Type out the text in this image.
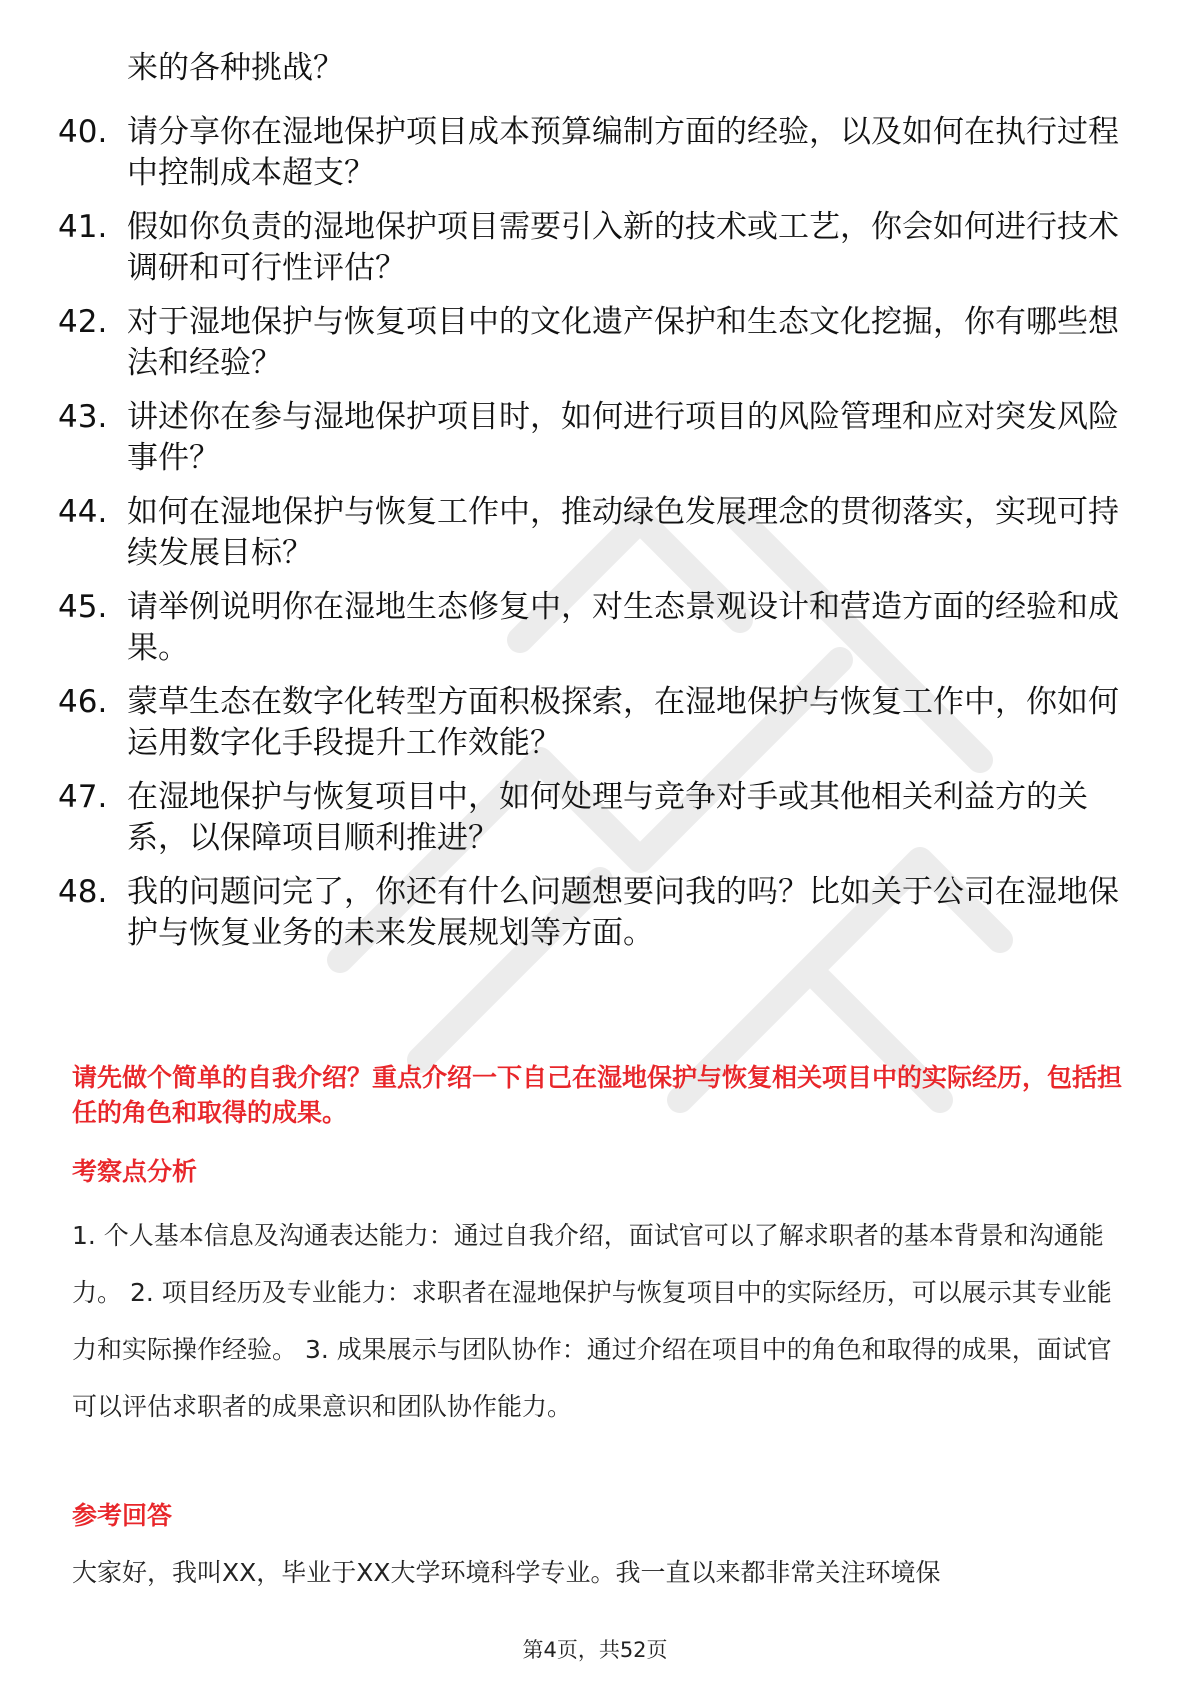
来的各种挑战？

40. 请分享你在湿地保护项目成本预算编制方面的经验，以及如何在执行过程中控制成本超支？
41. 假如你负责的湿地保护项目需要引入新的技术或工艺，你会如何进行技术调研和可行性评估？
42. 对于湿地保护与恢复项目中的文化遗产保护和生态文化挖掘，你有哪些想法和经验？
43. 讲述你在参与湿地保护项目时，如何进行项目的风险管理和应对突发风险事件？
44. 如何在湿地保护与恢复工作中，推动绿色发展理念的贯彻落实，实现可持续发展目标？
45. 请举例说明你在湿地生态修复中，对生态景观设计和营造方面的经验和成果。
46. 蒙草生态在数字化转型方面积极探索，在湿地保护与恢复工作中，你如何运用数字化手段提升工作效能？
47. 在湿地保护与恢复项目中，如何处理与竞争对手或其他相关利益方的关系，以保障项目顺利推进？
48. 我的问题问完了，你还有什么问题想要问我的吗？比如关于公司在湿地保护与恢复业务的未来发展规划等方面。

请先做个简单的自我介绍？重点介绍一下自己在湿地保护与恢复相关项目中的实际经历，包括担任的角色和取得的成果。

考察点分析

1. 个人基本信息及沟通表达能力：通过自我介绍，面试官可以了解求职者的基本背景和沟通能力。 2. 项目经历及专业能力：求职者在湿地保护与恢复项目中的实际经历，可以展示其专业能力和实际操作经验。 3. 成果展示与团队协作：通过介绍在项目中的角色和取得的成果，面试官可以评估求职者的成果意识和团队协作能力。

参考回答

大家好，我叫XX，毕业于XX大学环境科学专业。我一直以来都非常关注环境保

第4页，共52页
